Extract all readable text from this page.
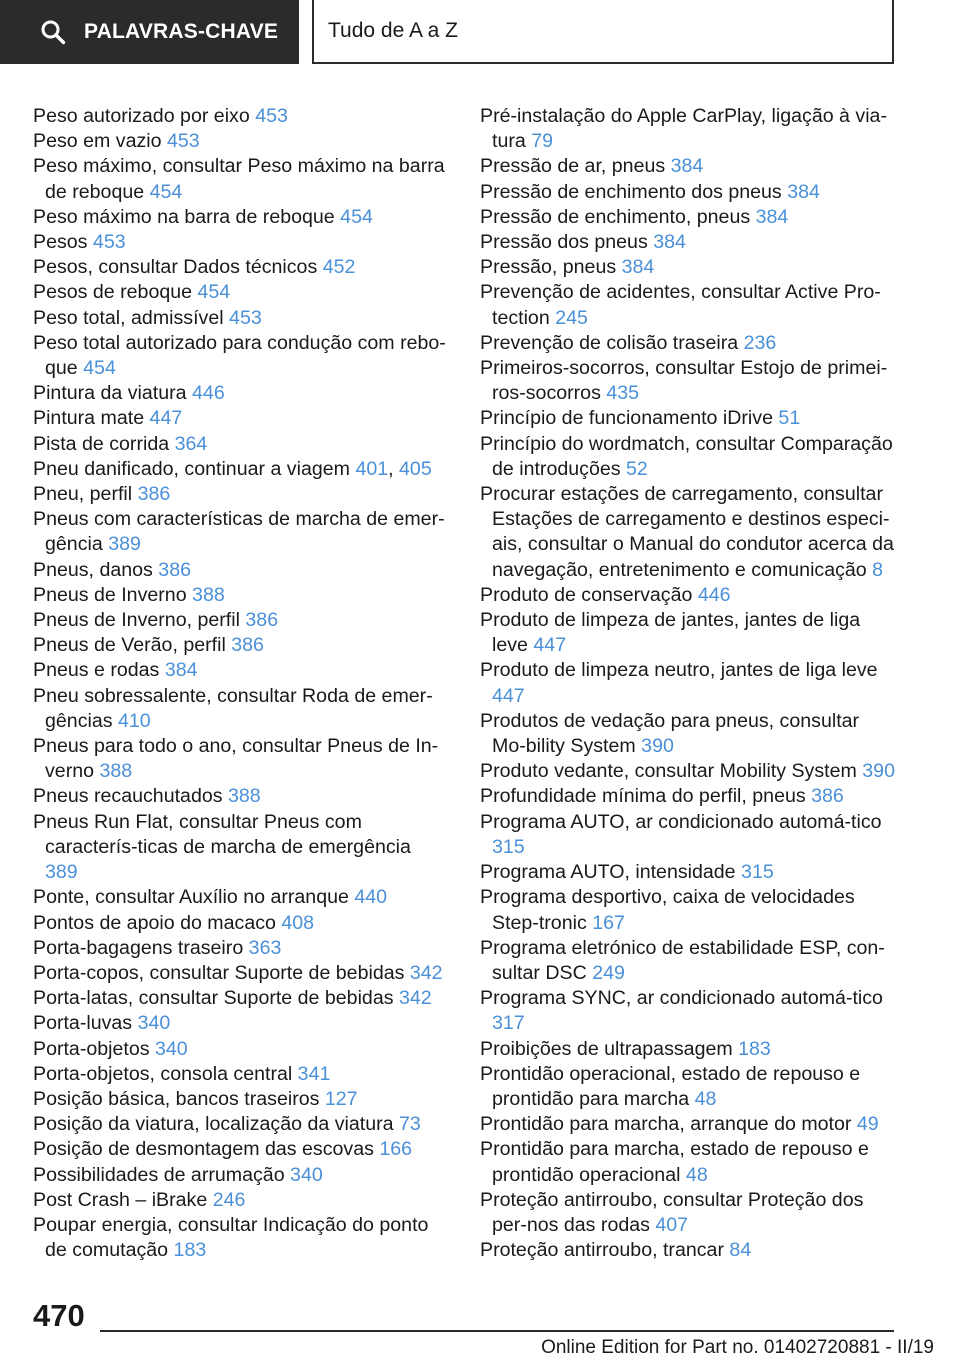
PALAVRAS-CHAVE Tudo de A a Z
Peso autorizado por eixo 453
Peso em vazio 453
Peso máximo, consultar Peso máximo na barra de reboque 454
Peso máximo na barra de reboque 454
Pesos 453
Pesos, consultar Dados técnicos 452
Pesos de reboque 454
Peso total, admissível 453
Peso total autorizado para condução com rebo-que 454
Pintura da viatura 446
Pintura mate 447
Pista de corrida 364
Pneu danificado, continuar a viagem 401, 405
Pneu, perfil 386
Pneus com características de marcha de emer-gência 389
Pneus, danos 386
Pneus de Inverno 388
Pneus de Inverno, perfil 386
Pneus de Verão, perfil 386
Pneus e rodas 384
Pneu sobressalente, consultar Roda de emer-gências 410
Pneus para todo o ano, consultar Pneus de In-verno 388
Pneus recauchutados 388
Pneus Run Flat, consultar Pneus com caracterís-ticas de marcha de emergência 389
Ponte, consultar Auxílio no arranque 440
Pontos de apoio do macaco 408
Porta-bagagens traseiro 363
Porta-copos, consultar Suporte de bebidas 342
Porta-latas, consultar Suporte de bebidas 342
Porta-luvas 340
Porta-objetos 340
Porta-objetos, consola central 341
Posição básica, bancos traseiros 127
Posição da viatura, localização da viatura 73
Posição de desmontagem das escovas 166
Possibilidades de arrumação 340
Post Crash – iBrake 246
Poupar energia, consultar Indicação do ponto de comutação 183
Pré-instalação do Apple CarPlay, ligação à via-tura 79
Pressão de ar, pneus 384
Pressão de enchimento dos pneus 384
Pressão de enchimento, pneus 384
Pressão dos pneus 384
Pressão, pneus 384
Prevenção de acidentes, consultar Active Pro-tection 245
Prevenção de colisão traseira 236
Primeiros-socorros, consultar Estojo de primei-ros-socorros 435
Princípio de funcionamento iDrive 51
Princípio do wordmatch, consultar Comparação de introduções 52
Procurar estações de carregamento, consultar Estações de carregamento e destinos especi-ais, consultar o Manual do condutor acerca da navegação, entretenimento e comunicação 8
Produto de conservação 446
Produto de limpeza de jantes, jantes de liga leve 447
Produto de limpeza neutro, jantes de liga leve 447
Produtos de vedação para pneus, consultar Mo-bility System 390
Produto vedante, consultar Mobility System 390
Profundidade mínima do perfil, pneus 386
Programa AUTO, ar condicionado automá-tico 315
Programa AUTO, intensidade 315
Programa desportivo, caixa de velocidades Step-tronic 167
Programa eletrónico de estabilidade ESP, con-sultar DSC 249
Programa SYNC, ar condicionado automá-tico 317
Proibições de ultrapassagem 183
Prontidão operacional, estado de repouso e prontidão para marcha 48
Prontidão para marcha, arranque do motor 49
Prontidão para marcha, estado de repouso e prontidão operacional 48
Proteção antirroubo, consultar Proteção dos per-nos das rodas 407
Proteção antirroubo, trancar 84
470
Online Edition for Part no. 01402720881 - II/19
